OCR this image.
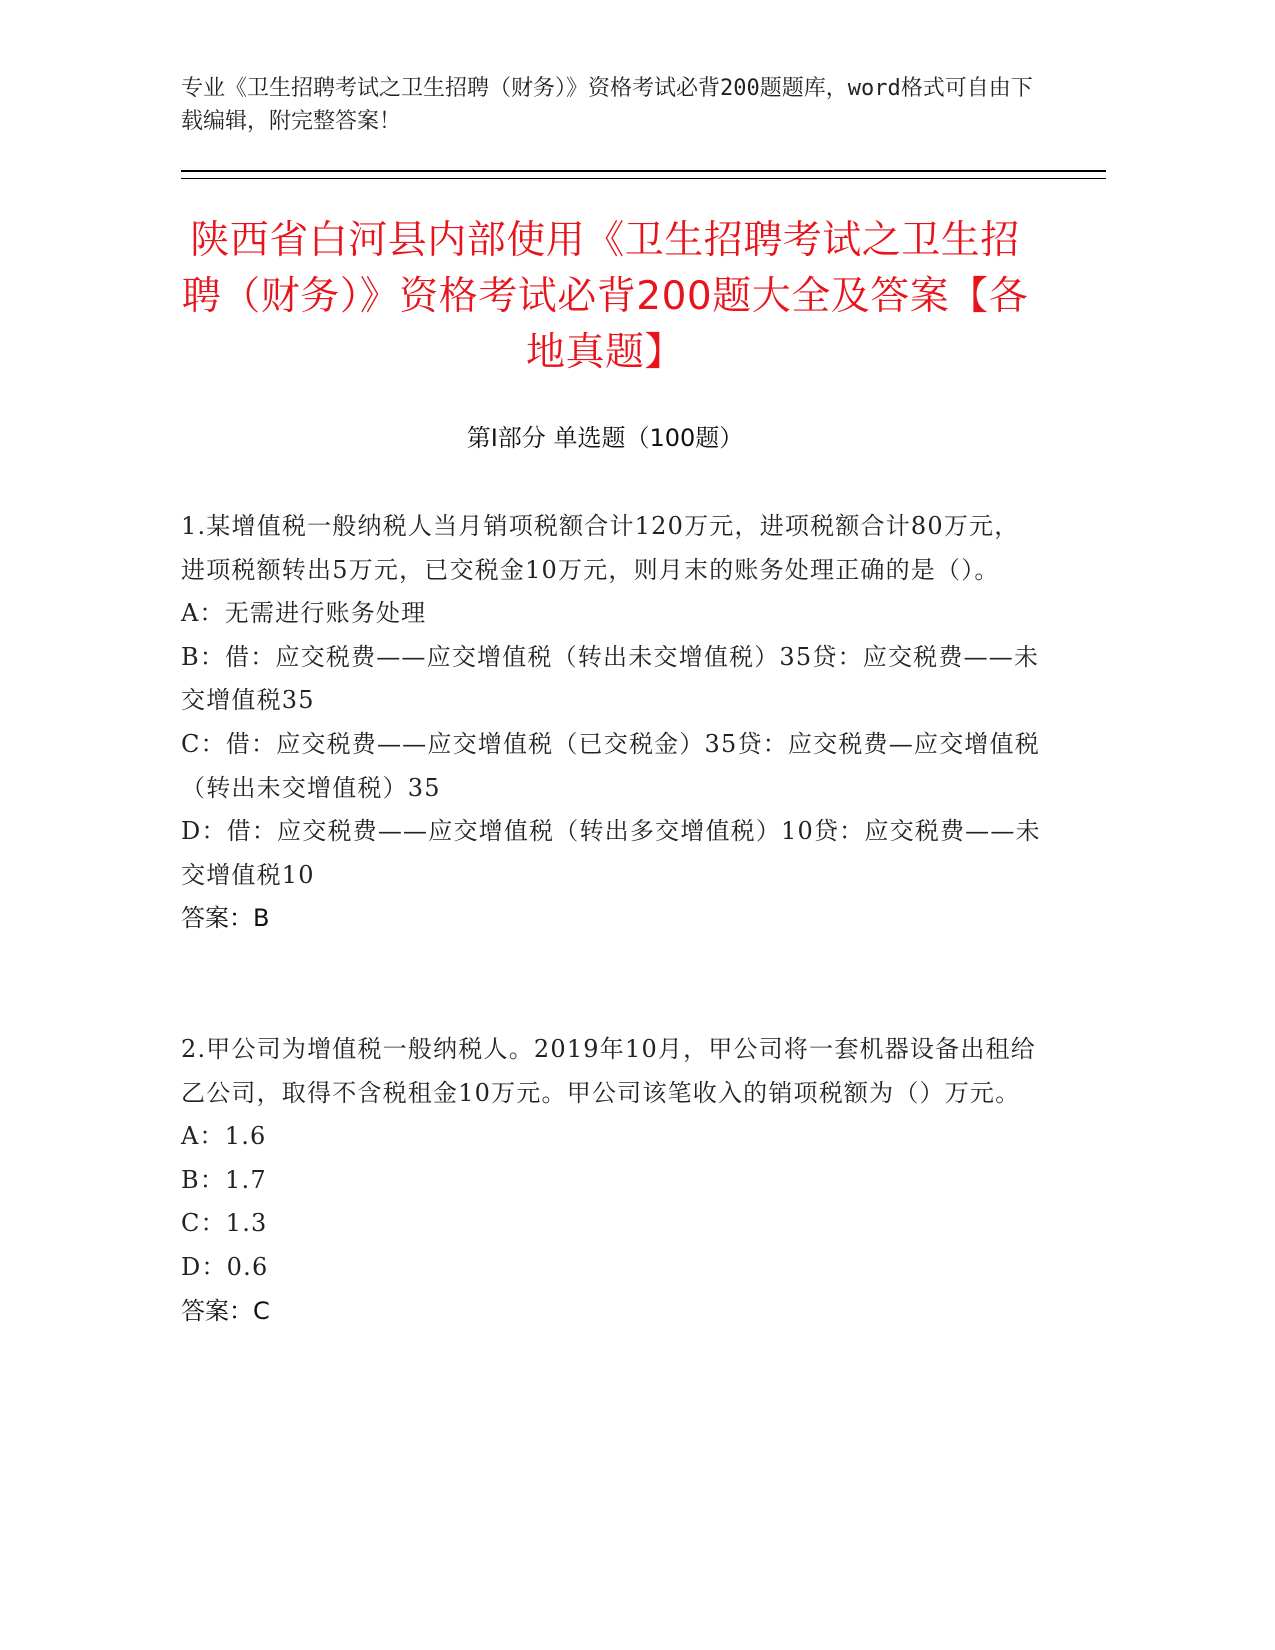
专业《卫生招聘考试之卫生招聘（财务）》资格考试必背200题题库，word格式可自由下载编辑，附完整答案！
陕西省白河县内部使用《卫生招聘考试之卫生招聘（财务）》资格考试必背200题大全及答案【各地真题】
第Ⅰ部分 单选题（100题）
1.某增值税一般纳税人当月销项税额合计120万元，进项税额合计80万元，进项税额转出5万元，已交税金10万元，则月末的账务处理正确的是（）。
A：无需进行账务处理
B：借：应交税费——应交增值税（转出未交增值税）35贷：应交税费——未交增值税35
C：借：应交税费——应交增值税（已交税金）35贷：应交税费—应交增值税（转出未交增值税）35
D：借：应交税费——应交增值税（转出多交增值税）10贷：应交税费——未交增值税10
答案：B
2.甲公司为增值税一般纳税人。2019年10月，甲公司将一套机器设备出租给乙公司，取得不含税租金10万元。甲公司该笔收入的销项税额为（）万元。
A：1.6
B：1.7
C：1.3
D：0.6
答案：C
